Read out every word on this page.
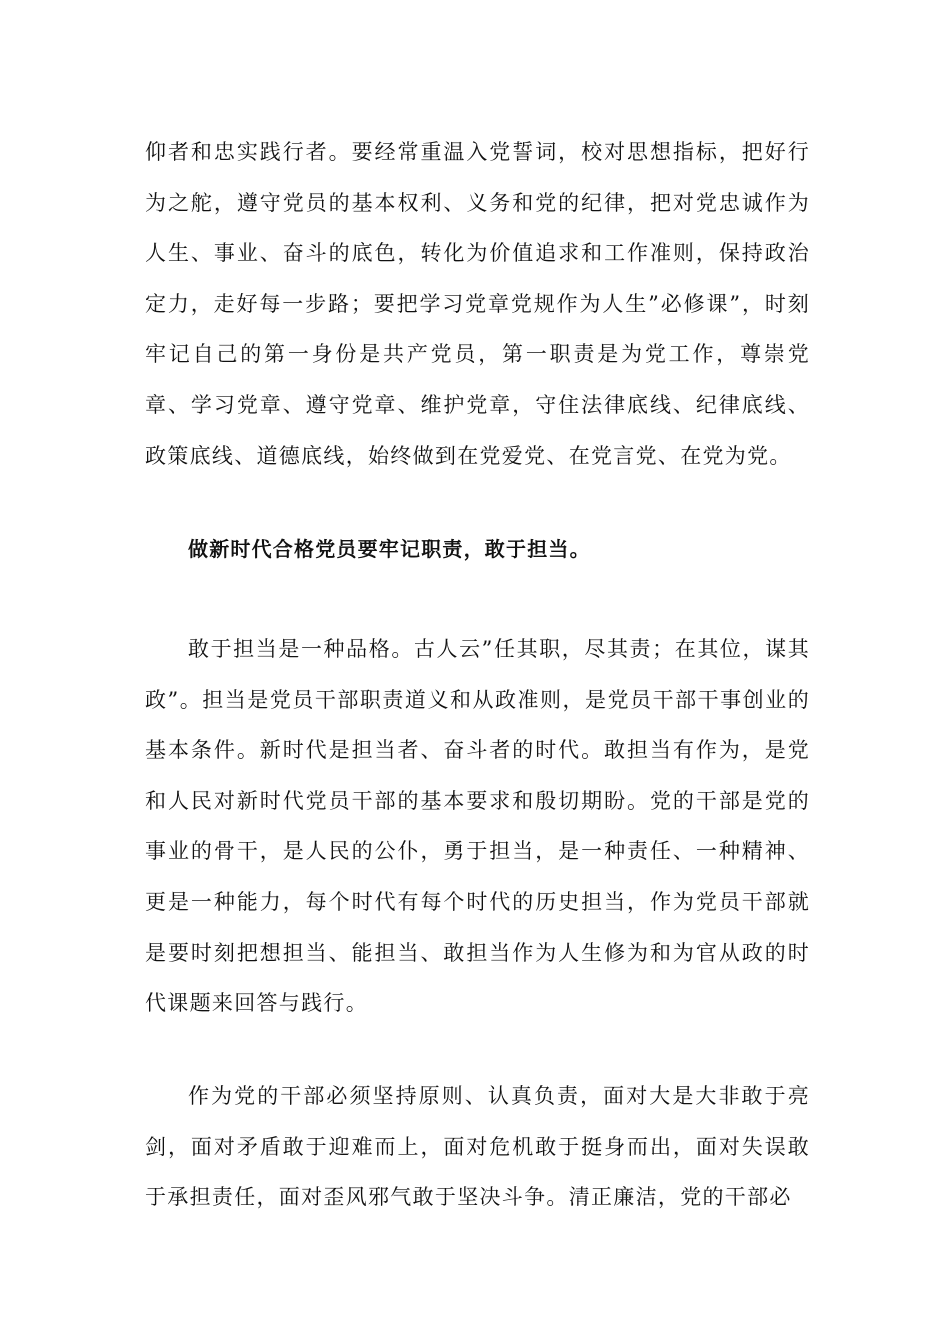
仰者和忠实践行者。要经常重温入党誓词，校对思想指标，把好行为之舵，遵守党员的基本权利、义务和党的纪律，把对党忠诚作为人生、事业、奋斗的底色，转化为价值追求和工作准则，保持政治定力，走好每一步路；要把学习党章党规作为人生”必修课”，时刻牢记自己的第一身份是共产党员，第一职责是为党工作，尊崇党章、学习党章、遵守党章、维护党章，守住法律底线、纪律底线、政策底线、道德底线，始终做到在党爱党、在党言党、在党为党。

做新时代合格党员要牢记职责，敢于担当。

敢于担当是一种品格。古人云”任其职，尽其责；在其位，谋其政”。担当是党员干部职责道义和从政准则，是党员干部干事创业的基本条件。新时代是担当者、奋斗者的时代。敢担当有作为，是党和人民对新时代党员干部的基本要求和殷切期盼。党的干部是党的事业的骨干，是人民的公仆，勇于担当，是一种责任、一种精神、更是一种能力，每个时代有每个时代的历史担当，作为党员干部就是要时刻把想担当、能担当、敢担当作为人生修为和为官从政的时代课题来回答与践行。

作为党的干部必须坚持原则、认真负责，面对大是大非敢于亮剑，面对矛盾敢于迎难而上，面对危机敢于挺身而出，面对失误敢于承担责任，面对歪风邪气敢于坚决斗争。清正廉洁，党的干部必
